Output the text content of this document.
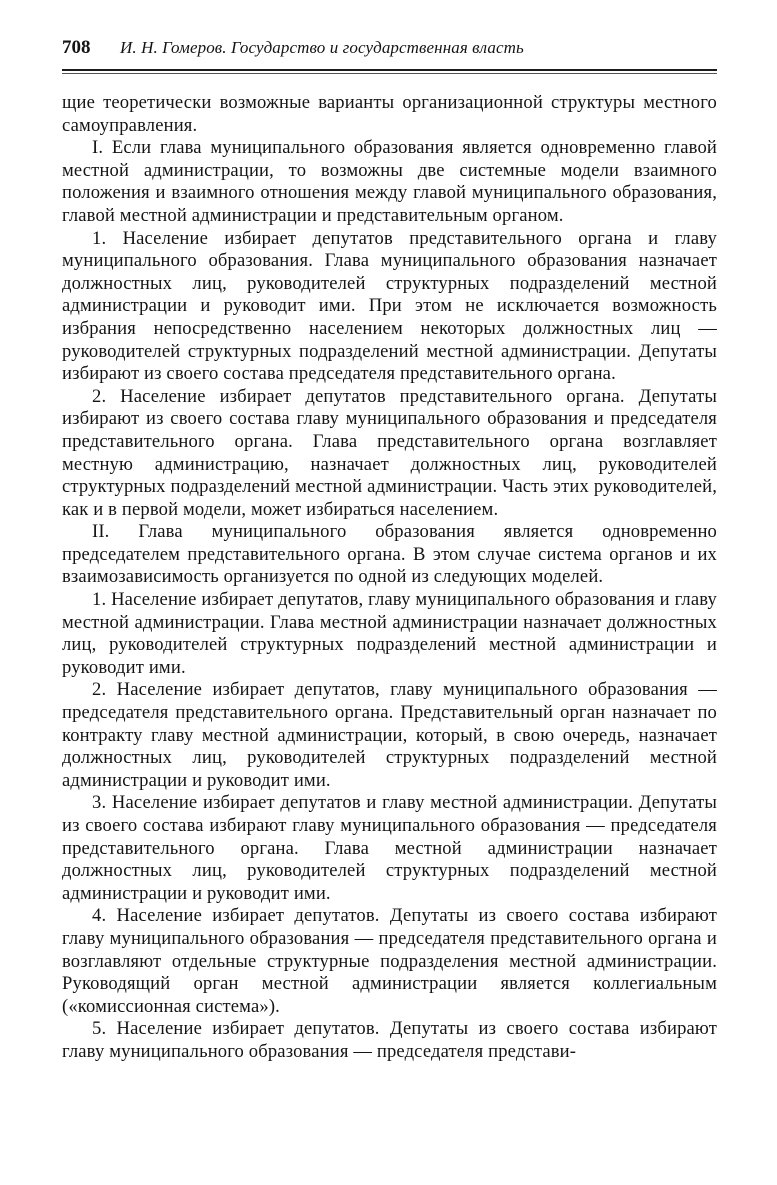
708 И. Н. Гомеров. Государство и государственная власть

щие теоретически возможные варианты организационной структуры местного самоуправления.

I. Если глава муниципального образования является одновременно главой местной администрации, то возможны две системные модели взаимного положения и взаимного отношения между главой муниципального образования, главой местной администрации и представительным органом.

1. Население избирает депутатов представительного органа и главу муниципального образования. Глава муниципального образования назначает должностных лиц, руководителей структурных подразделений местной администрации и руководит ими. При этом не исключается возможность избрания непосредственно населением некоторых должностных лиц — руководителей структурных подразделений местной администрации. Депутаты избирают из своего состава председателя представительного органа.

2. Население избирает депутатов представительного органа. Депутаты избирают из своего состава главу муниципального образования и председателя представительного органа. Глава представительного органа возглавляет местную администрацию, назначает должностных лиц, руководителей структурных подразделений местной администрации. Часть этих руководителей, как и в первой модели, может избираться населением.

II. Глава муниципального образования является одновременно председателем представительного органа. В этом случае система органов и их взаимозависимость организуется по одной из следующих моделей.

1. Население избирает депутатов, главу муниципального образования и главу местной администрации. Глава местной администрации назначает должностных лиц, руководителей структурных подразделений местной администрации и руководит ими.

2. Население избирает депутатов, главу муниципального образования — председателя представительного органа. Представительный орган назначает по контракту главу местной администрации, который, в свою очередь, назначает должностных лиц, руководителей структурных подразделений местной администрации и руководит ими.

3. Население избирает депутатов и главу местной администрации. Депутаты из своего состава избирают главу муниципального образования — председателя представительного органа. Глава местной администрации назначает должностных лиц, руководителей структурных подразделений местной администрации и руководит ими.

4. Население избирает депутатов. Депутаты из своего состава избирают главу муниципального образования — председателя представительного органа и возглавляют отдельные структурные подразделения местной администрации. Руководящий орган местной администрации является коллегиальным («комиссионная система»).

5. Население избирает депутатов. Депутаты из своего состава избирают главу муниципального образования — председателя представи-
